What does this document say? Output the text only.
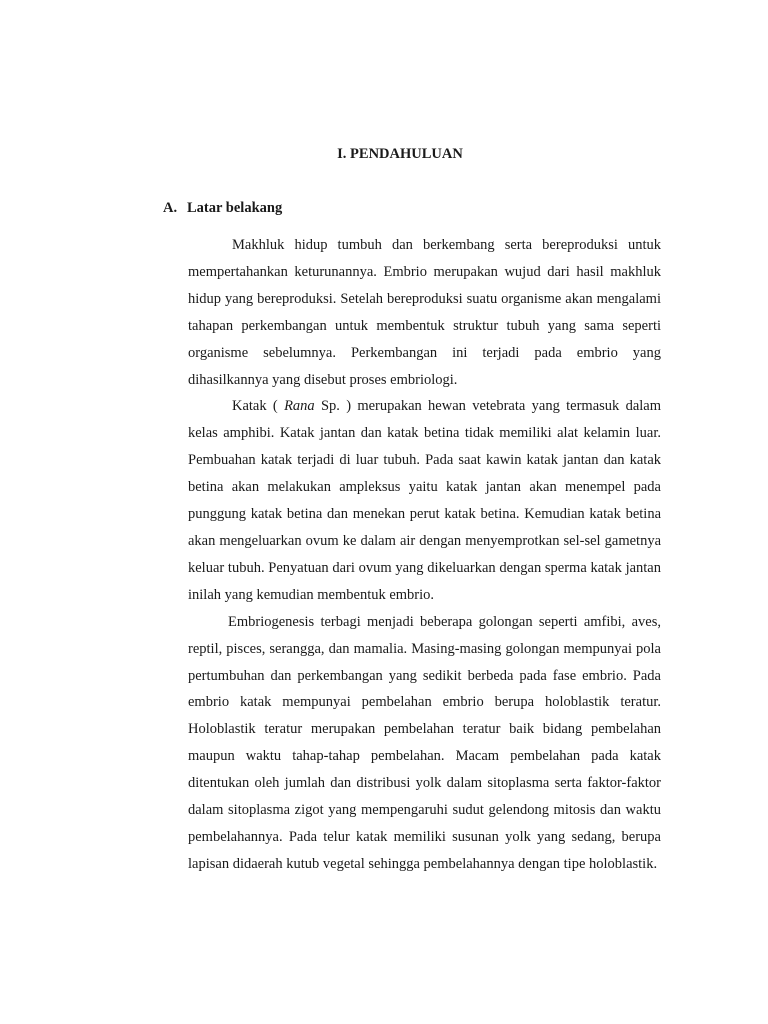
I. PENDAHULUAN
A. Latar belakang

Makhluk hidup tumbuh dan berkembang serta bereproduksi untuk mempertahankan keturunannya. Embrio merupakan wujud dari hasil makhluk hidup yang bereproduksi. Setelah bereproduksi suatu organisme akan mengalami tahapan perkembangan untuk membentuk struktur tubuh yang sama seperti organisme sebelumnya. Perkembangan ini terjadi pada embrio yang dihasilkannya yang disebut proses embriologi.

Katak ( Rana Sp. ) merupakan hewan vetebrata yang termasuk dalam kelas amphibi. Katak jantan dan katak betina tidak memiliki alat kelamin luar. Pembuahan katak terjadi di luar tubuh. Pada saat kawin katak jantan dan katak betina akan melakukan ampleksus yaitu katak jantan akan menempel pada punggung katak betina dan menekan perut katak betina. Kemudian katak betina akan mengeluarkan ovum ke dalam air dengan menyemprotkan sel-sel gametnya keluar tubuh. Penyatuan dari ovum yang dikeluarkan dengan sperma katak jantan inilah yang kemudian membentuk embrio.

Embriogenesis terbagi menjadi beberapa golongan seperti amfibi, aves, reptil, pisces, serangga, dan mamalia. Masing-masing golongan mempunyai pola pertumbuhan dan perkembangan yang sedikit berbeda pada fase embrio. Pada embrio katak mempunyai pembelahan embrio berupa holoblastik teratur. Holoblastik teratur merupakan pembelahan teratur baik bidang pembelahan maupun waktu tahap-tahap pembelahan. Macam pembelahan pada katak ditentukan oleh jumlah dan distribusi yolk dalam sitoplasma serta faktor-faktor dalam sitoplasma zigot yang mempengaruhi sudut gelendong mitosis dan waktu pembelahannya. Pada telur katak memiliki susunan yolk yang sedang, berupa lapisan didaerah kutub vegetal sehingga pembelahannya dengan tipe holoblastik.
